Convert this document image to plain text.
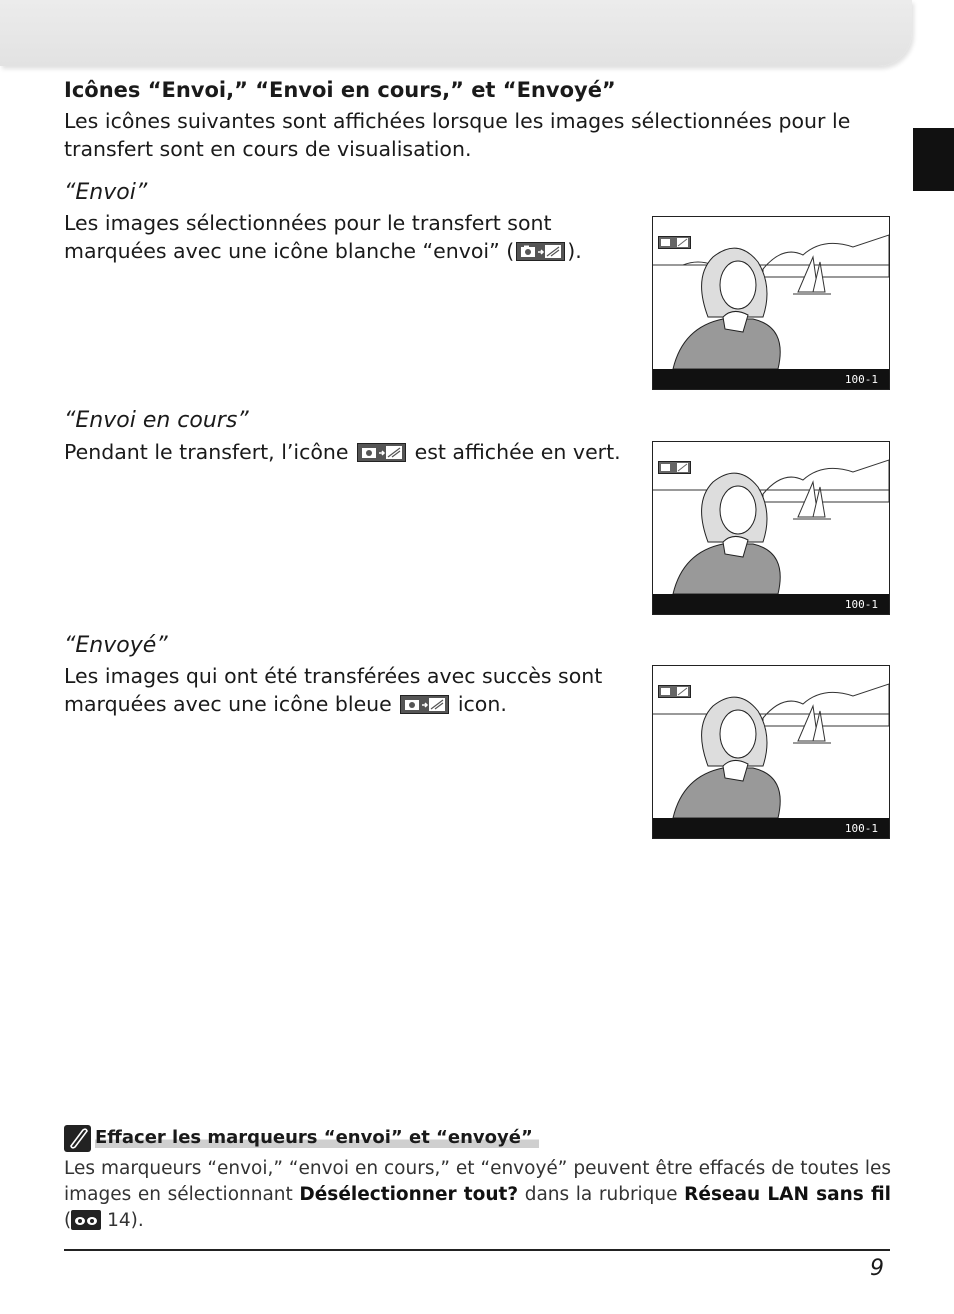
Icônes “Envoi,” “Envoi en cours,” et “Envoyé”
Les icônes suivantes sont affichées lorsque les images sélectionnées pour le transfert sont en cours de visualisation.
“Envoi”
Les images sélectionnées pour le transfert sont marquées avec une icône blanche “envoi” (	).
100-1
“Envoi en cours”
Pendant le transfert, l’icône	est affichée en vert.
100-1
“Envoyé”
Les images qui ont été transférées avec succès sont marquées avec une icône bleue	icon.
100-1
Effacer les marqueurs “envoi” et “envoyé”
Les marqueurs “envoi,” “envoi en cours,” et “envoyé” peuvent être effacés de toutes les images en sélectionnant Désélectionner tout? dans la rubrique Réseau LAN sans fil ( 14).
9
